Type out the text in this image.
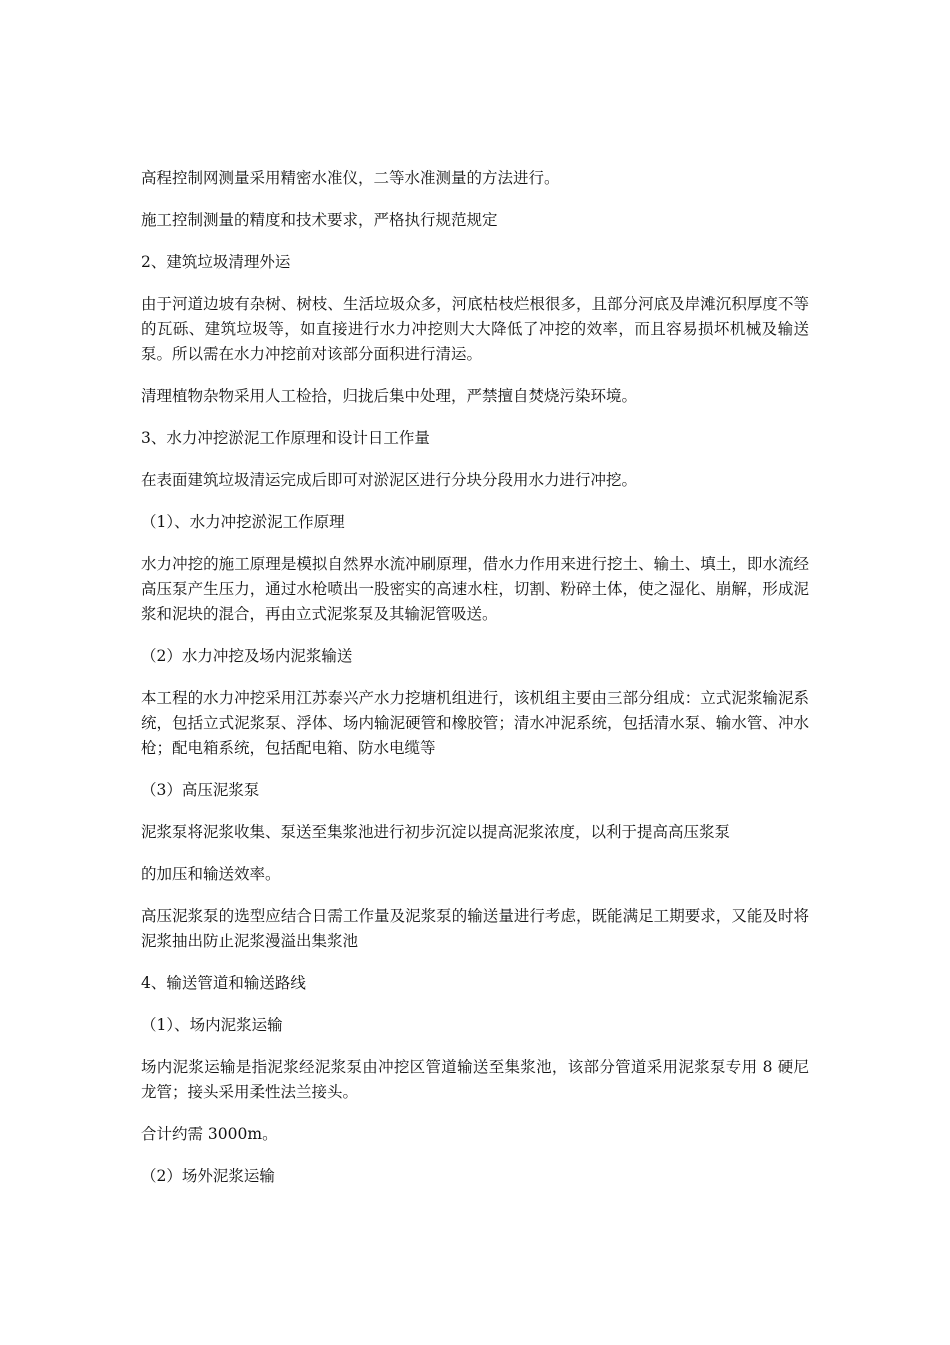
高程控制网测量采用精密水准仪，二等水准测量的方法进行。

施工控制测量的精度和技术要求，严格执行规范规定

2、建筑垃圾清理外运

由于河道边坡有杂树、树枝、生活垃圾众多，河底枯枝烂根很多，且部分河底及岸滩沉积厚度不等的瓦砾、建筑垃圾等，如直接进行水力冲挖则大大降低了冲挖的效率，而且容易损坏机械及输送泵。所以需在水力冲挖前对该部分面积进行清运。

清理植物杂物采用人工检拾，归拢后集中处理，严禁擅自焚烧污染环境。

3、水力冲挖淤泥工作原理和设计日工作量

在表面建筑垃圾清运完成后即可对淤泥区进行分块分段用水力进行冲挖。

（1）、水力冲挖淤泥工作原理

水力冲挖的施工原理是模拟自然界水流冲刷原理，借水力作用来进行挖土、输土、填土，即水流经高压泵产生压力，通过水枪喷出一股密实的高速水柱，切割、粉碎土体，使之湿化、崩解，形成泥浆和泥块的混合，再由立式泥浆泵及其输泥管吸送。

（2）水力冲挖及场内泥浆输送

本工程的水力冲挖采用江苏泰兴产水力挖塘机组进行，该机组主要由三部分组成：立式泥浆输泥系统，包括立式泥浆泵、浮体、场内输泥硬管和橡胶管；清水冲泥系统，包括清水泵、输水管、冲水枪；配电箱系统，包括配电箱、防水电缆等

（3）高压泥浆泵

泥浆泵将泥浆收集、泵送至集浆池进行初步沉淀以提高泥浆浓度，以利于提高高压浆泵

的加压和输送效率。

高压泥浆泵的选型应结合日需工作量及泥浆泵的输送量进行考虑，既能满足工期要求，又能及时将泥浆抽出防止泥浆漫溢出集浆池

4、输送管道和输送路线

（1）、场内泥浆运输

场内泥浆运输是指泥浆经泥浆泵由冲挖区管道输送至集浆池，该部分管道采用泥浆泵专用 8 硬尼龙管；接头采用柔性法兰接头。

合计约需 3000m。

（2）场外泥浆运输
